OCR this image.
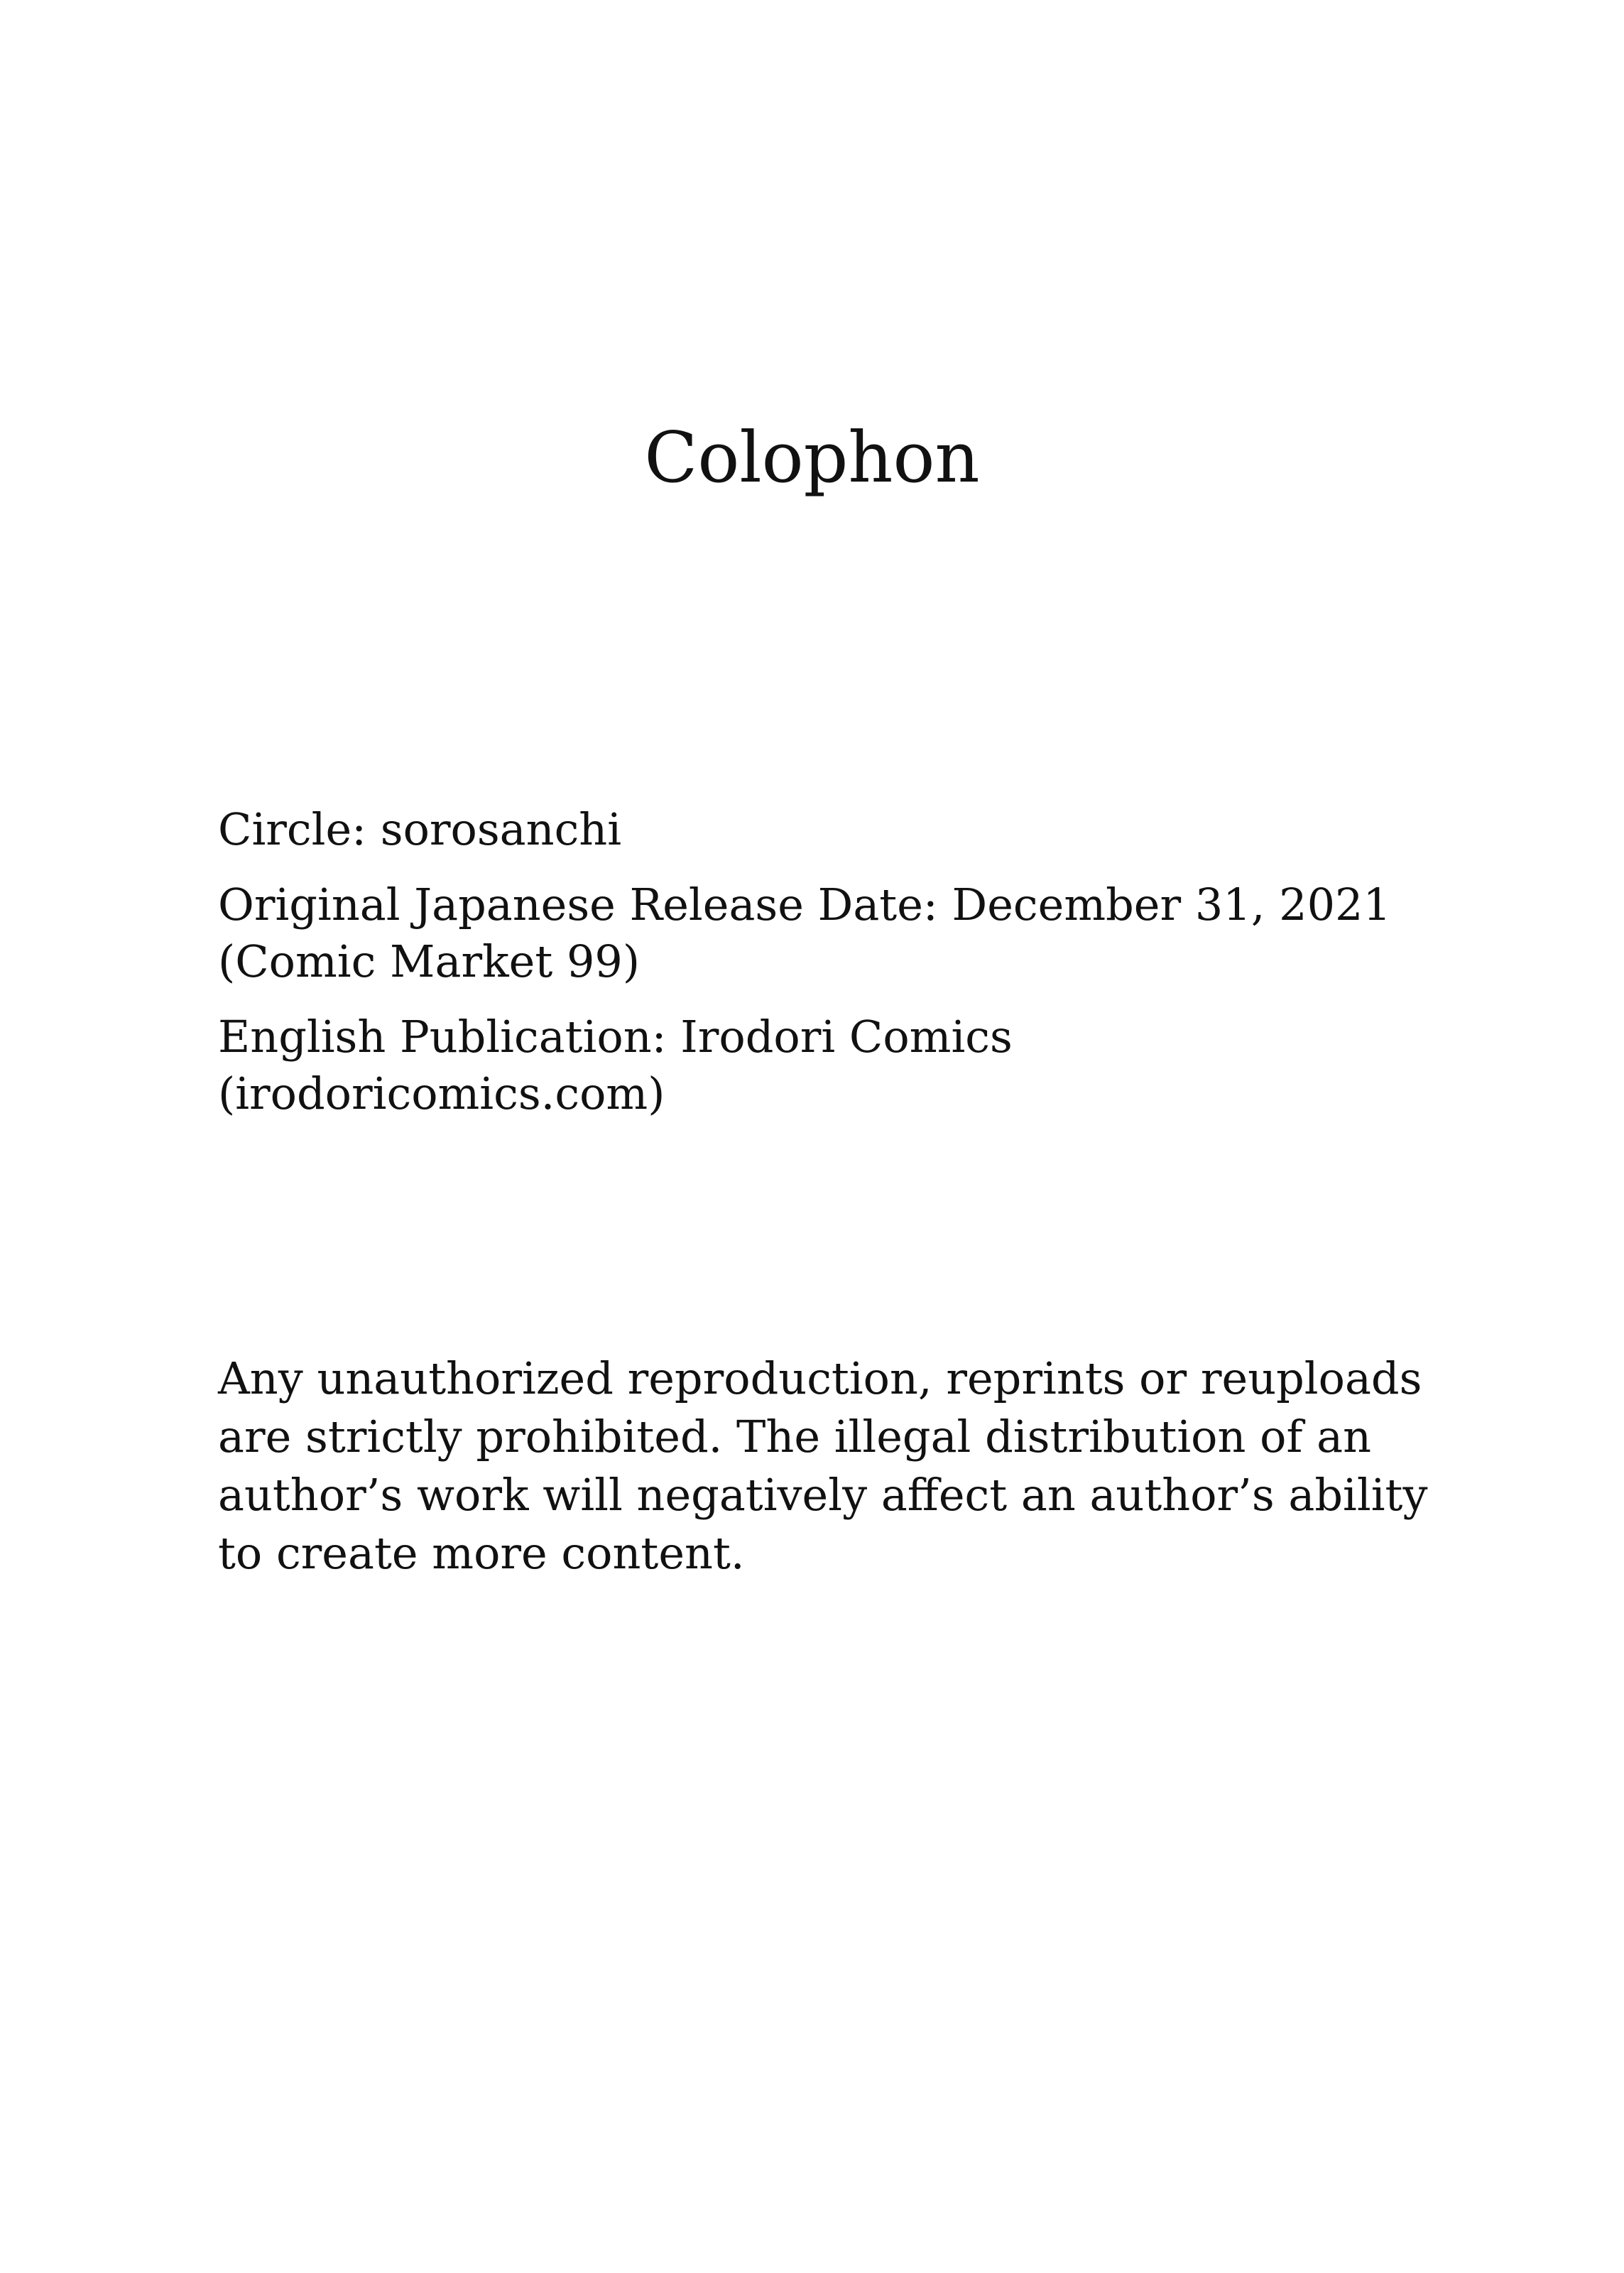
Colophon

Circle: sorosanchi

Original Japanese Release Date: December 31, 2021
(Comic Market 99)

English Publication: Irodori Comics
(irodoricomics.com)

Any unauthorized reproduction, reprints or reuploads are strictly prohibited. The illegal distribution of an author’s work will negatively affect an author’s ability to create more content.
